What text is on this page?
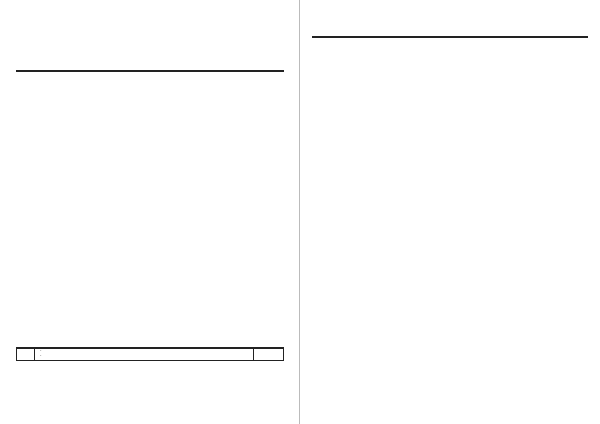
-
-
